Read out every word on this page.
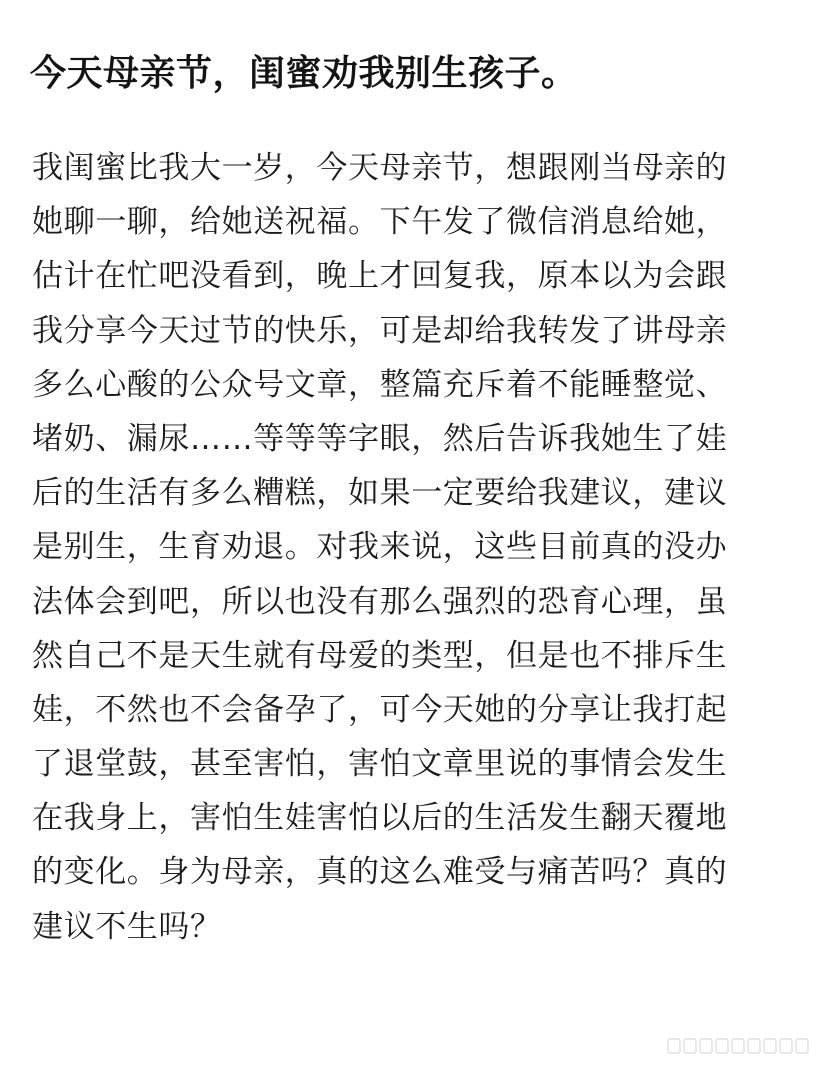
今天母亲节，闺蜜劝我别生孩子。
我闺蜜比我大一岁，今天母亲节，想跟刚当母亲的
她聊一聊，给她送祝福。下午发了微信消息给她，
估计在忙吧没看到，晚上才回复我，原本以为会跟
我分享今天过节的快乐，可是却给我转发了讲母亲
多么心酸的公众号文章，整篇充斥着不能睡整觉、
堵奶、漏尿……等等等字眼，然后告诉我她生了娃
后的生活有多么糟糕，如果一定要给我建议，建议
是别生，生育劝退。对我来说，这些目前真的没办
法体会到吧，所以也没有那么强烈的恐育心理，虽
然自己不是天生就有母爱的类型，但是也不排斥生
娃，不然也不会备孕了，可今天她的分享让我打起
了退堂鼓，甚至害怕，害怕文章里说的事情会发生
在我身上，害怕生娃害怕以后的生活发生翻天覆地
的变化。身为母亲，真的这么难受与痛苦吗？真的
建议不生吗？
